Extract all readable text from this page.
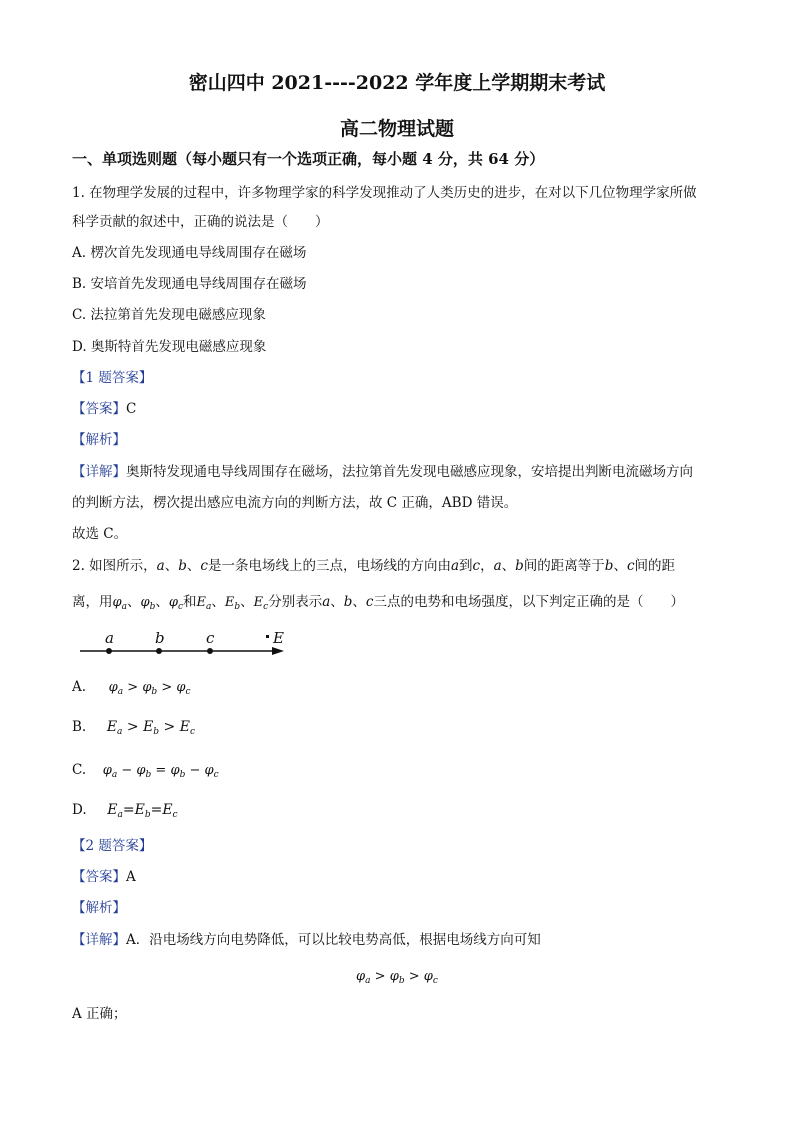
密山四中 2021----2022 学年度上学期期末考试
高二物理试题
一、单项选则题（每小题只有一个选项正确，每小题 4 分，共 64 分）
1. 在物理学发展的过程中，许多物理学家的科学发现推动了人类历史的进步，在对以下几位物理学家所做
科学贡献的叙述中，正确的说法是（　　）
A. 楞次首先发现通电导线周围存在磁场
B. 安培首先发现通电导线周围存在磁场
C. 法拉第首先发现电磁感应现象
D. 奥斯特首先发现电磁感应现象
【1 题答案】
【答案】C
【解析】
【详解】奥斯特发现通电导线周围存在磁场，法拉第首先发现电磁感应现象，安培提出判断电流磁场方向
的判断方法，楞次提出感应电流方向的判断方法，故 C 正确，ABD 错误。
故选 C。
2. 如图所示，a、b、c是一条电场线上的三点，电场线的方向由a到c，a、b间的距离等于b、c间的距
离，用$\varphi_a$、$\varphi_b$、$\varphi_c$和$E_a$、$E_b$、$E_c$分别表示a、b、c三点的电势和电场强度，以下判定正确的是（　　）
a	b	c	E
A. $\varphi_a > \varphi_b > \varphi_c$
B. $E_a > E_b > E_c$
C. $\varphi_a - \varphi_b = \varphi_b - \varphi_c$
D. $E_a=E_b=E_c$
【2 题答案】
【答案】A
【解析】
【详解】A．沿电场线方向电势降低，可以比较电势高低，根据电场线方向可知
$\varphi_a > \varphi_b > \varphi_c$
A 正确；
